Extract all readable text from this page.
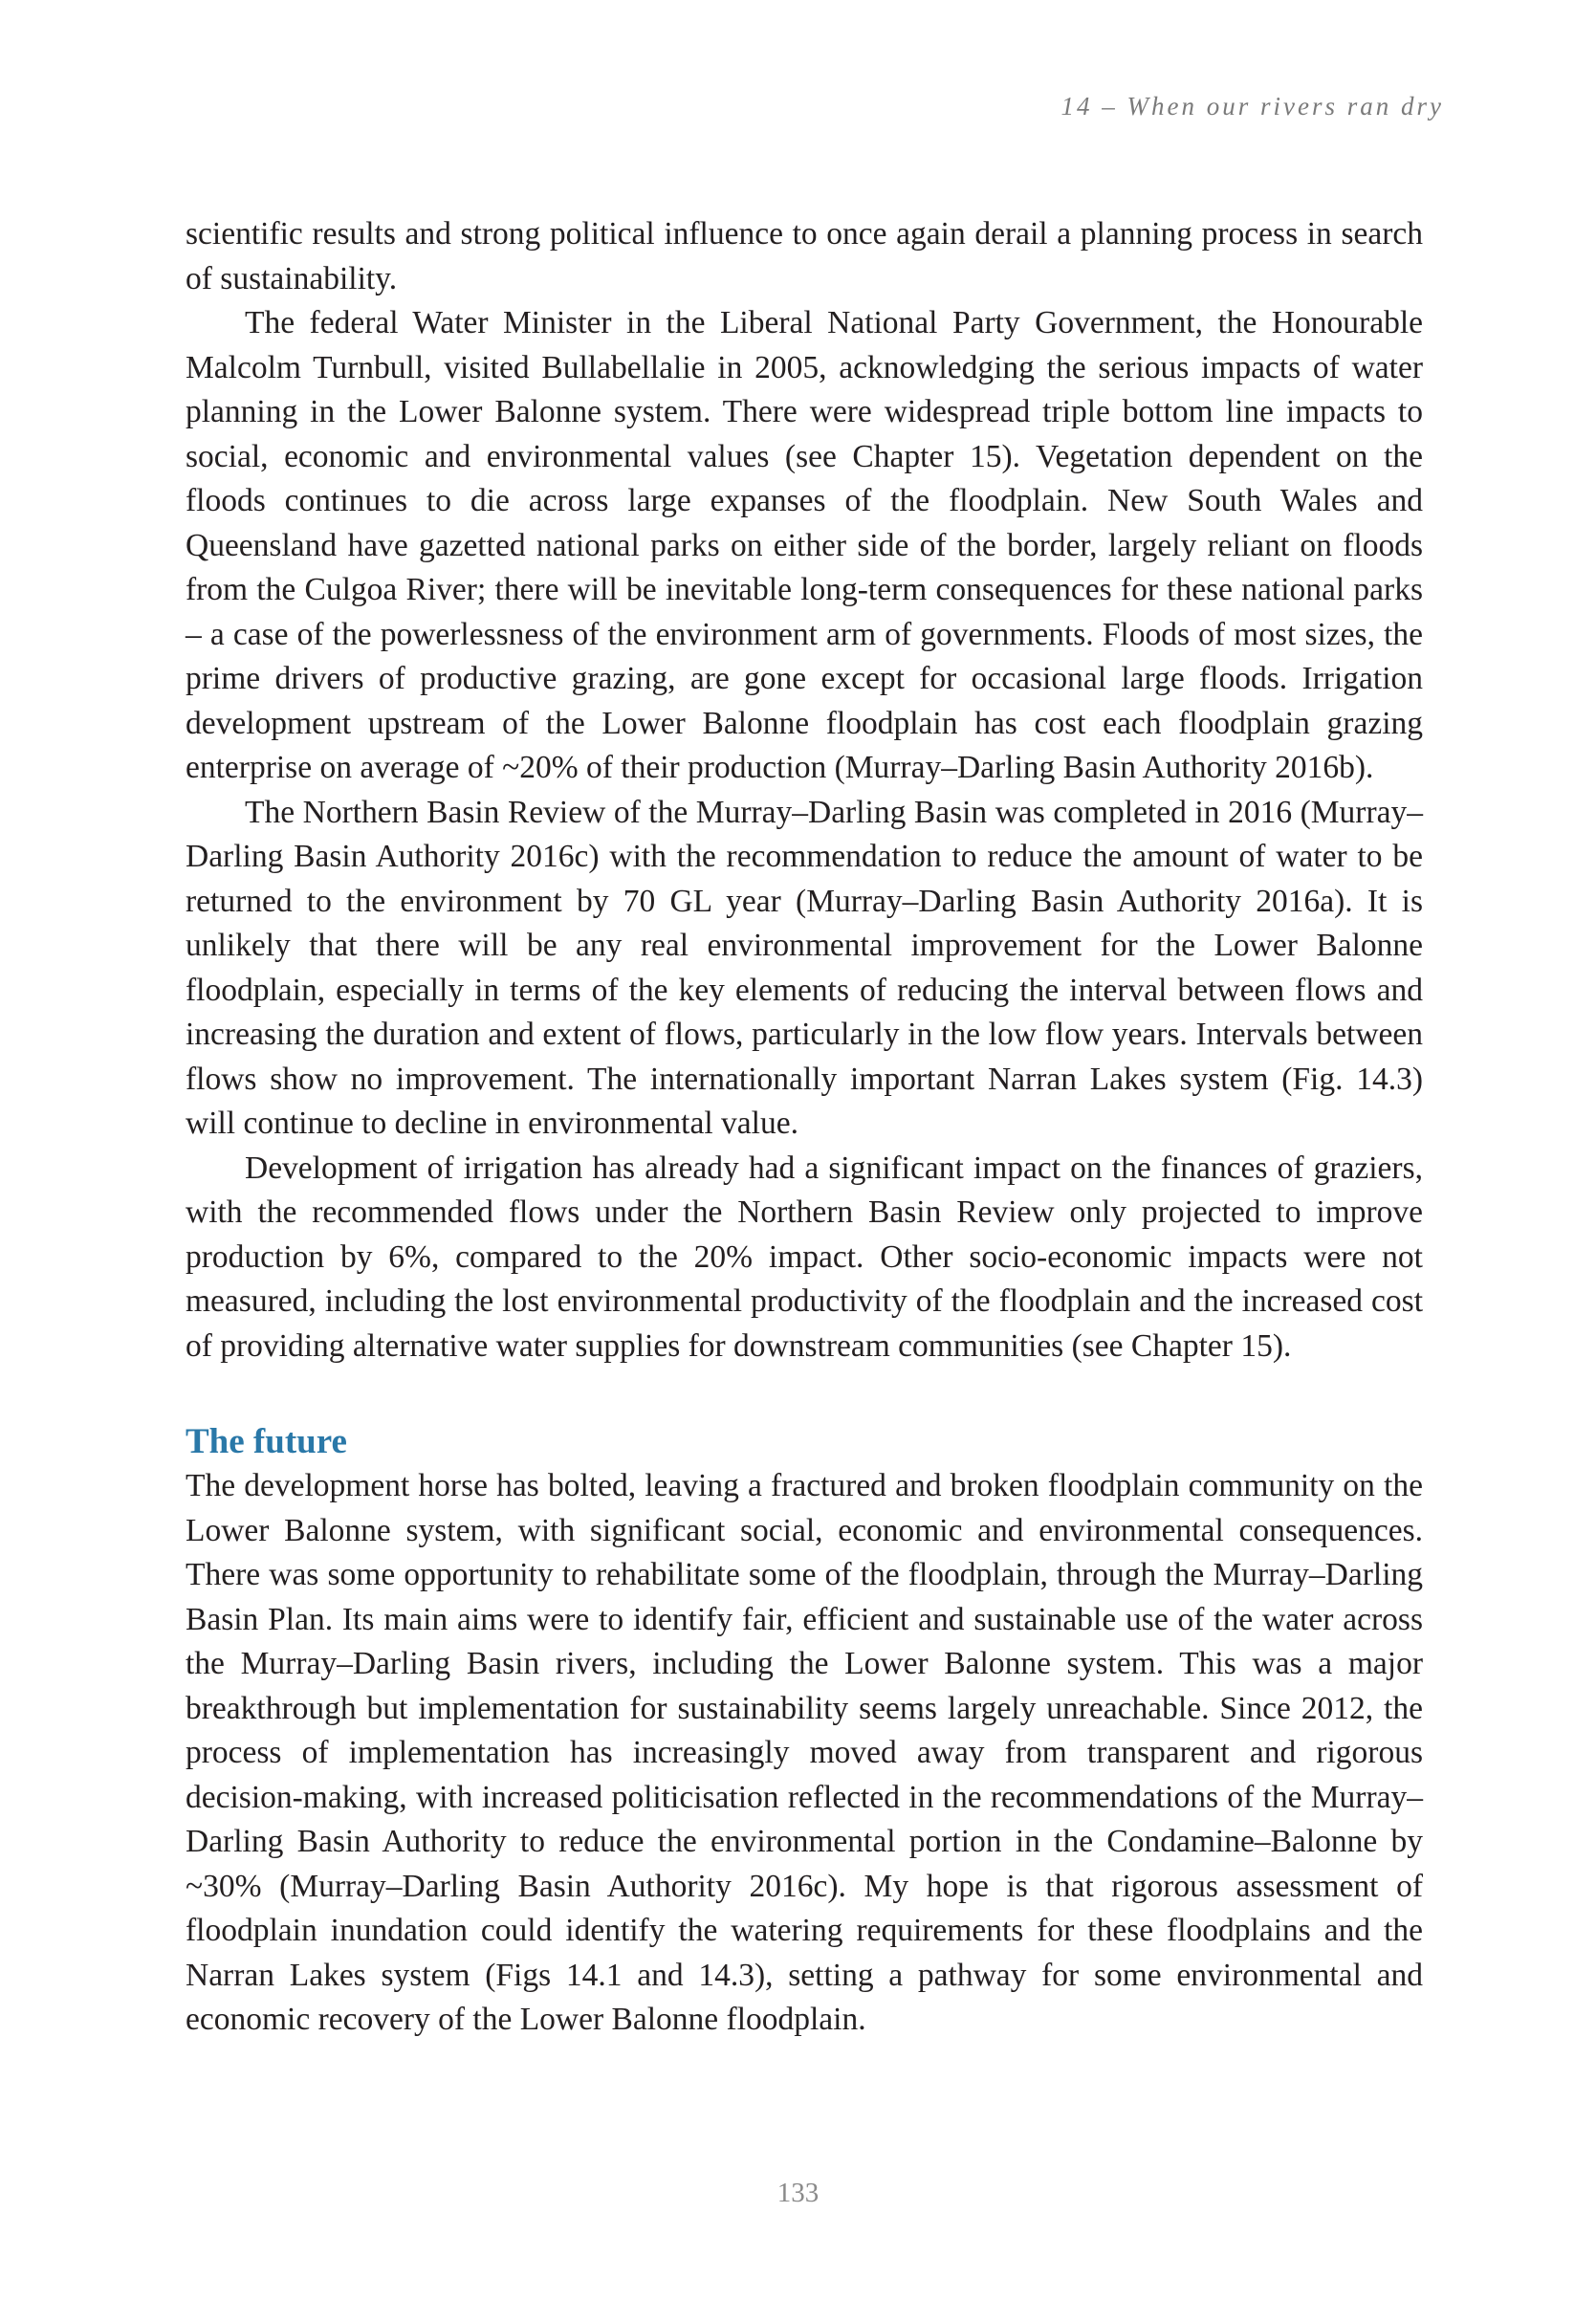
14 – When our rivers ran dry

scientific results and strong political influence to once again derail a planning process in search of sustainability.

The federal Water Minister in the Liberal National Party Government, the Honourable Malcolm Turnbull, visited Bullabellalie in 2005, acknowledging the serious impacts of water planning in the Lower Balonne system. There were widespread triple bottom line impacts to social, economic and environmental values (see Chapter 15). Vegetation dependent on the floods continues to die across large expanses of the floodplain. New South Wales and Queensland have gazetted national parks on either side of the border, largely reliant on floods from the Culgoa River; there will be inevitable long-term consequences for these national parks – a case of the powerlessness of the environment arm of governments. Floods of most sizes, the prime drivers of productive grazing, are gone except for occasional large floods. Irrigation development upstream of the Lower Balonne floodplain has cost each floodplain grazing enterprise on average of ~20% of their production (Murray–Darling Basin Authority 2016b).

The Northern Basin Review of the Murray–Darling Basin was completed in 2016 (Murray–Darling Basin Authority 2016c) with the recommendation to reduce the amount of water to be returned to the environment by 70 GL year (Murray–Darling Basin Authority 2016a). It is unlikely that there will be any real environmental improvement for the Lower Balonne floodplain, especially in terms of the key elements of reducing the interval between flows and increasing the duration and extent of flows, particularly in the low flow years. Intervals between flows show no improvement. The internationally important Narran Lakes system (Fig. 14.3) will continue to decline in environmental value.

Development of irrigation has already had a significant impact on the finances of graziers, with the recommended flows under the Northern Basin Review only projected to improve production by 6%, compared to the 20% impact. Other socio-economic impacts were not measured, including the lost environmental productivity of the floodplain and the increased cost of providing alternative water supplies for downstream communities (see Chapter 15).

The future

The development horse has bolted, leaving a fractured and broken floodplain community on the Lower Balonne system, with significant social, economic and environmental consequences. There was some opportunity to rehabilitate some of the floodplain, through the Murray–Darling Basin Plan. Its main aims were to identify fair, efficient and sustainable use of the water across the Murray–Darling Basin rivers, including the Lower Balonne system. This was a major breakthrough but implementation for sustainability seems largely unreachable. Since 2012, the process of implementation has increasingly moved away from transparent and rigorous decision-making, with increased politicisation reflected in the recommendations of the Murray–Darling Basin Authority to reduce the environmental portion in the Condamine–Balonne by ~30% (Murray–Darling Basin Authority 2016c). My hope is that rigorous assessment of floodplain inundation could identify the watering requirements for these floodplains and the Narran Lakes system (Figs 14.1 and 14.3), setting a pathway for some environmental and economic recovery of the Lower Balonne floodplain.

133
